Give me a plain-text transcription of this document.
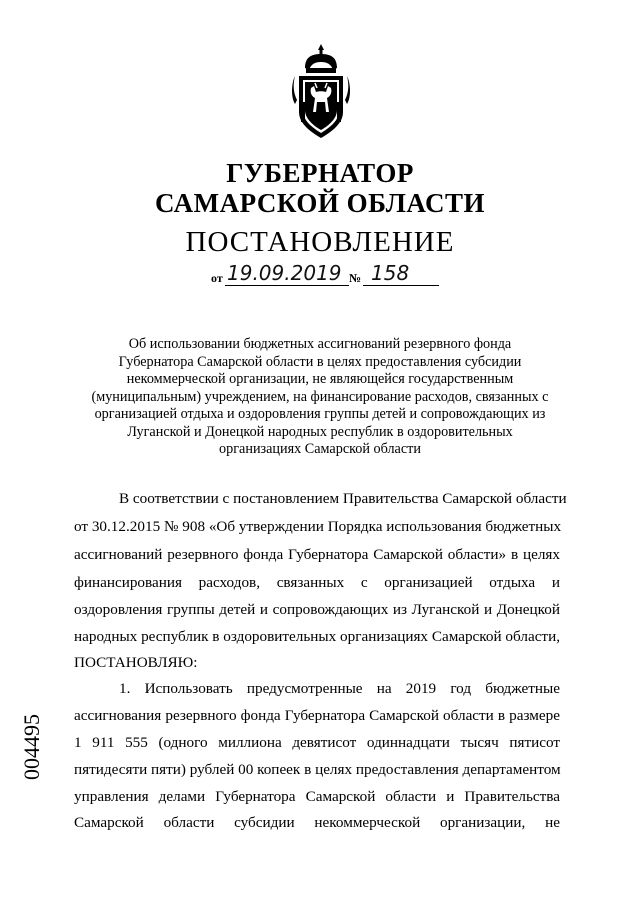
ГУБЕРНАТОР
САМАРСКОЙ ОБЛАСТИ
ПОСТАНОВЛЕНИЕ
от 19.09.2019 № 158
Об использовании бюджетных ассигнований резервного фонда
Губернатора Самарской области в целях предоставления субсидии
некоммерческой организации, не являющейся государственным
(муниципальным) учреждением, на финансирование расходов, связанных с
организацией отдыха и оздоровления группы детей и сопровождающих из
Луганской и Донецкой народных республик в оздоровительных
организациях Самарской области
В соответствии с постановлением Правительства Самарской области
от 30.12.2015 № 908 «Об утверждении Порядка использования бюджетных
ассигнований резервного фонда Губернатора Самарской области» в целях
финансирования расходов, связанных с организацией отдыха и
оздоровления группы детей и сопровождающих из Луганской и Донецкой
народных республик в оздоровительных организациях Самарской области,
ПОСТАНОВЛЯЮ:
1. Использовать предусмотренные на 2019 год бюджетные
ассигнования резервного фонда Губернатора Самарской области в размере
1 911 555 (одного миллиона девятисот одиннадцати тысяч пятисот
пятидесяти пяти) рублей 00 копеек в целях предоставления департаментом
управления делами Губернатора Самарской области и Правительства
Самарской области субсидии некоммерческой организации, не
004495
